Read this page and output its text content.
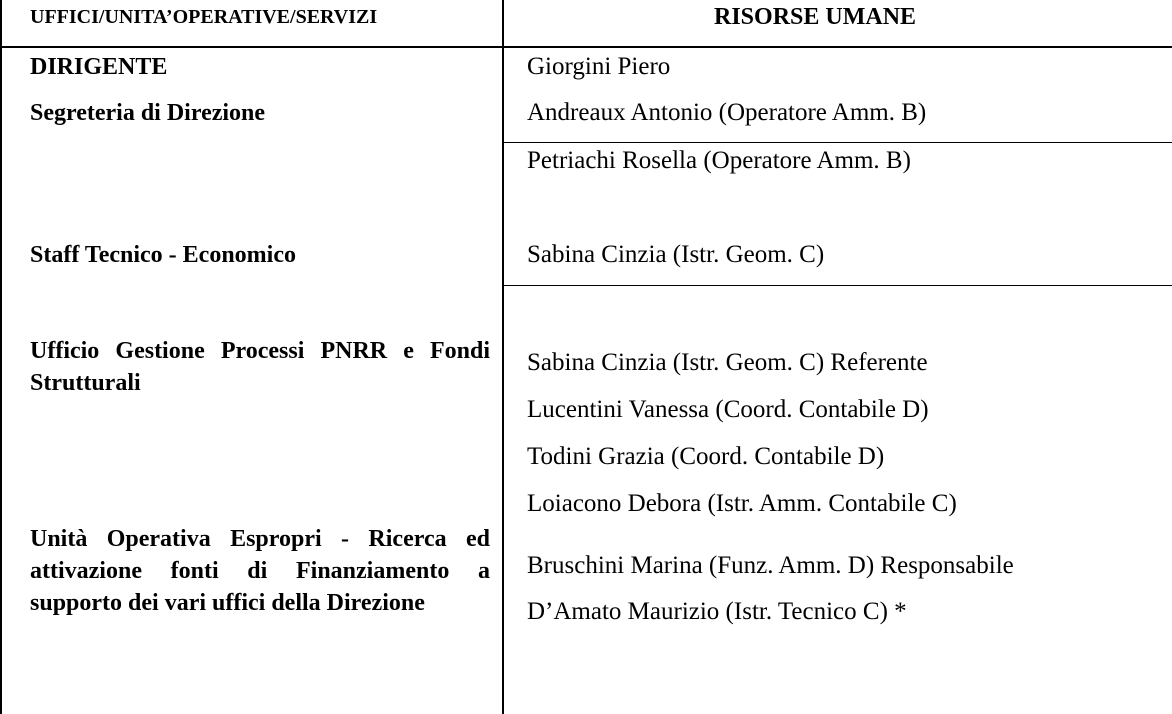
UFFICI/UNITA’OPERATIVE/SERVIZI	RISORSE UMANE
DIRIGENTE
Segreteria di Direzione
Staff Tecnico - Economico
Ufficio Gestione Processi PNRR e Fondi Strutturali
Unità Operativa Espropri - Ricerca ed attivazione fonti di Finanziamento a supporto dei vari uffici della Direzione
Giorgini Piero
Andreaux Antonio (Operatore Amm. B)
Petriachi Rosella (Operatore Amm. B)
Sabina Cinzia (Istr. Geom. C)
Sabina Cinzia (Istr. Geom. C) Referente
Lucentini Vanessa (Coord. Contabile D)
Todini Grazia (Coord. Contabile D)
Loiacono Debora (Istr. Amm. Contabile C)
Bruschini Marina (Funz. Amm. D) Responsabile
D’Amato Maurizio (Istr. Tecnico C) *
